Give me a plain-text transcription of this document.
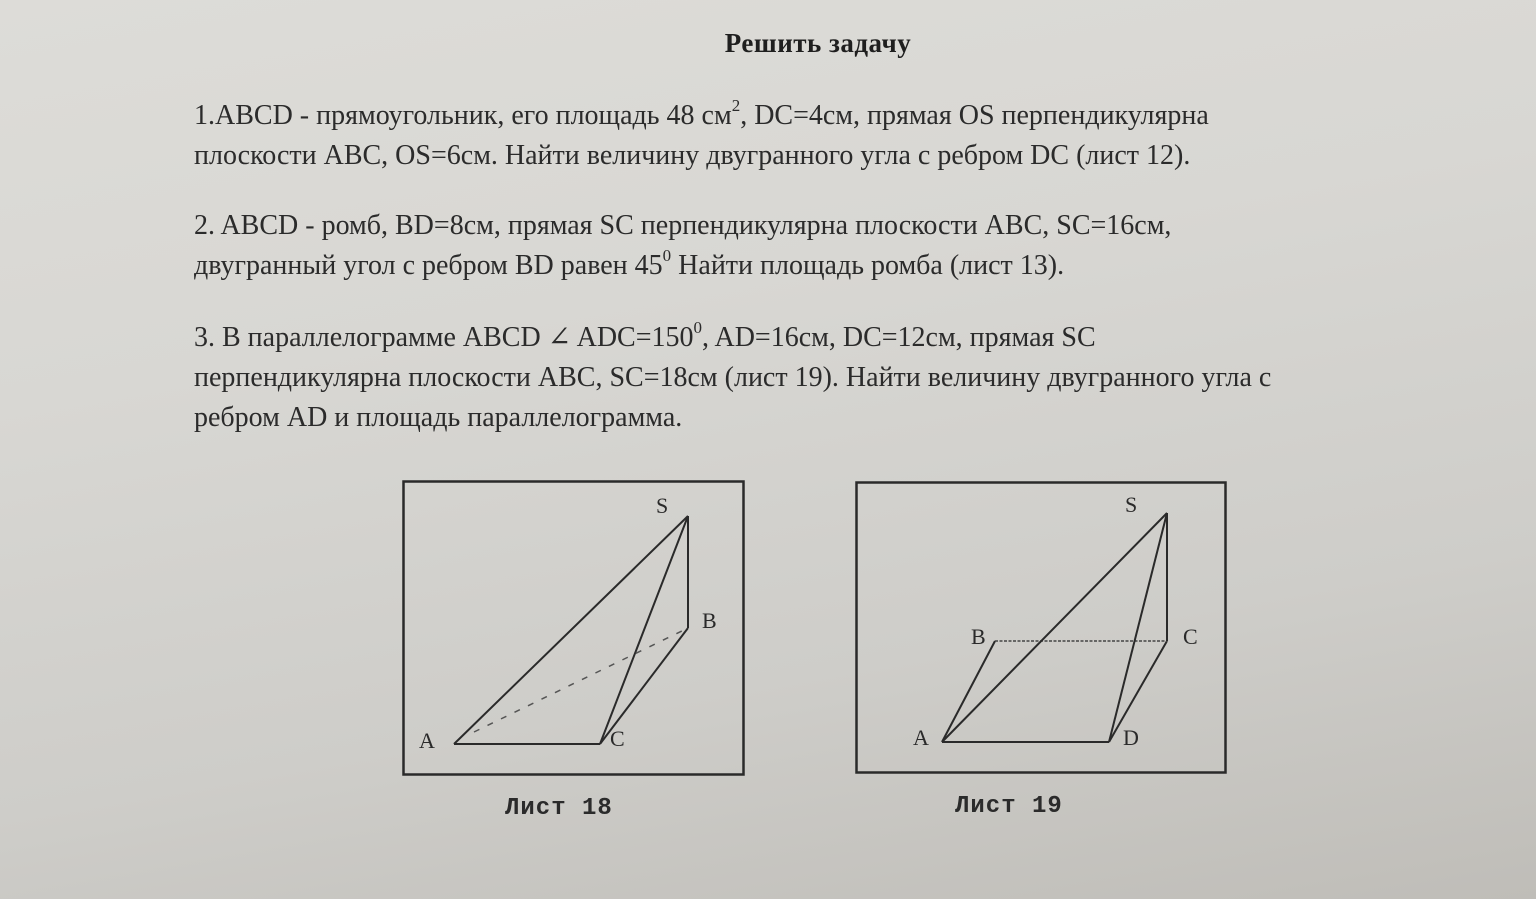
Решить задачу
1.ABCD - прямоугольник, его площадь 48 $см^2$, DC=4см, прямая OS перпендикулярна
плоскости ABC, OS=6см. Найти величину двугранного угла с ребром DC (лист 12).
2. ABCD - ромб, BD=8см, прямая SC перпендикулярна плоскости ABC, SC=16см,
двугранный угол с ребром BD равен $45^0$ Найти площадь ромба (лист 13).
3. В параллелограмме ABCD ∠ $ADC=150^0$, AD=16см, DC=12см, прямая SC
перпендикулярна плоскости ABC, SC=18см (лист 19). Найти величину двугранного угла с
ребром AD и площадь параллелограмма.
S
B
A	C
Лист 18
S
B	C
A	D
Лист 19
